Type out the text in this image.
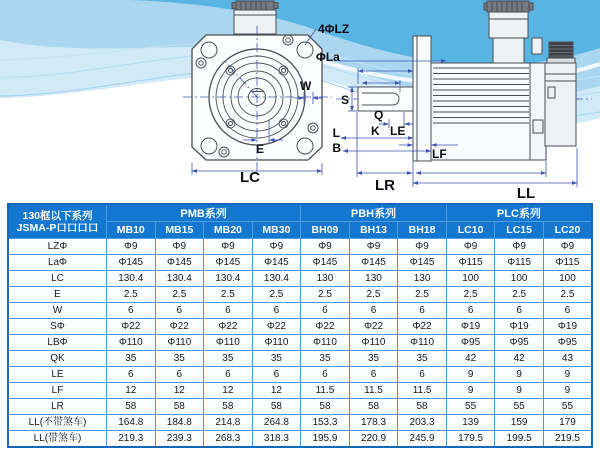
4ΦLZ
ΦLa
W
E
LC
S
Q
K LE
L
B	LF
LR	LL
130框以下系列
JSMA-P口口口口	PMB系列				PBH系列			PLC系列		
	MB10	MB15	MB20	MB30	BH09	BH13	BH18	LC10	LC15	LC20
LZΦ	Φ9	Φ9	Φ9	Φ9	Φ9	Φ9	Φ9	Φ9	Φ9	Φ9
LaΦ	Φ145	Φ145	Φ145	Φ145	Φ145	Φ145	Φ145	Φ115	Φ115	Φ115
LC	130.4	130.4	130.4	130.4	130	130	130	100	100	100
E	2.5	2.5	2.5	2.5	2.5	2.5	2.5	2.5	2.5	2.5
W	6	6	6	6	6	6	6	6	6	6
SΦ	Φ22	Φ22	Φ22	Φ22	Φ22	Φ22	Φ22	Φ19	Φ19	Φ19
LBΦ	Φ110	Φ110	Φ110	Φ110	Φ110	Φ110	Φ110	Φ95	Φ95	Φ95
QK	35	35	35	35	35	35	35	42	42	43
LE	6	6	6	6	6	6	6	9	9	9
LF	12	12	12	12	11.5	11.5	11.5	9	9	9
LR	58	58	58	58	58	58	58	55	55	55
LL(不带煞车)	164.8	184.8	214.8	264.8	153.3	178.3	203.3	139	159	179
LL(带煞车)	219.3	239.3	268.3	318.3	195.9	220.9	245.9	179.5	199.5	219.5
